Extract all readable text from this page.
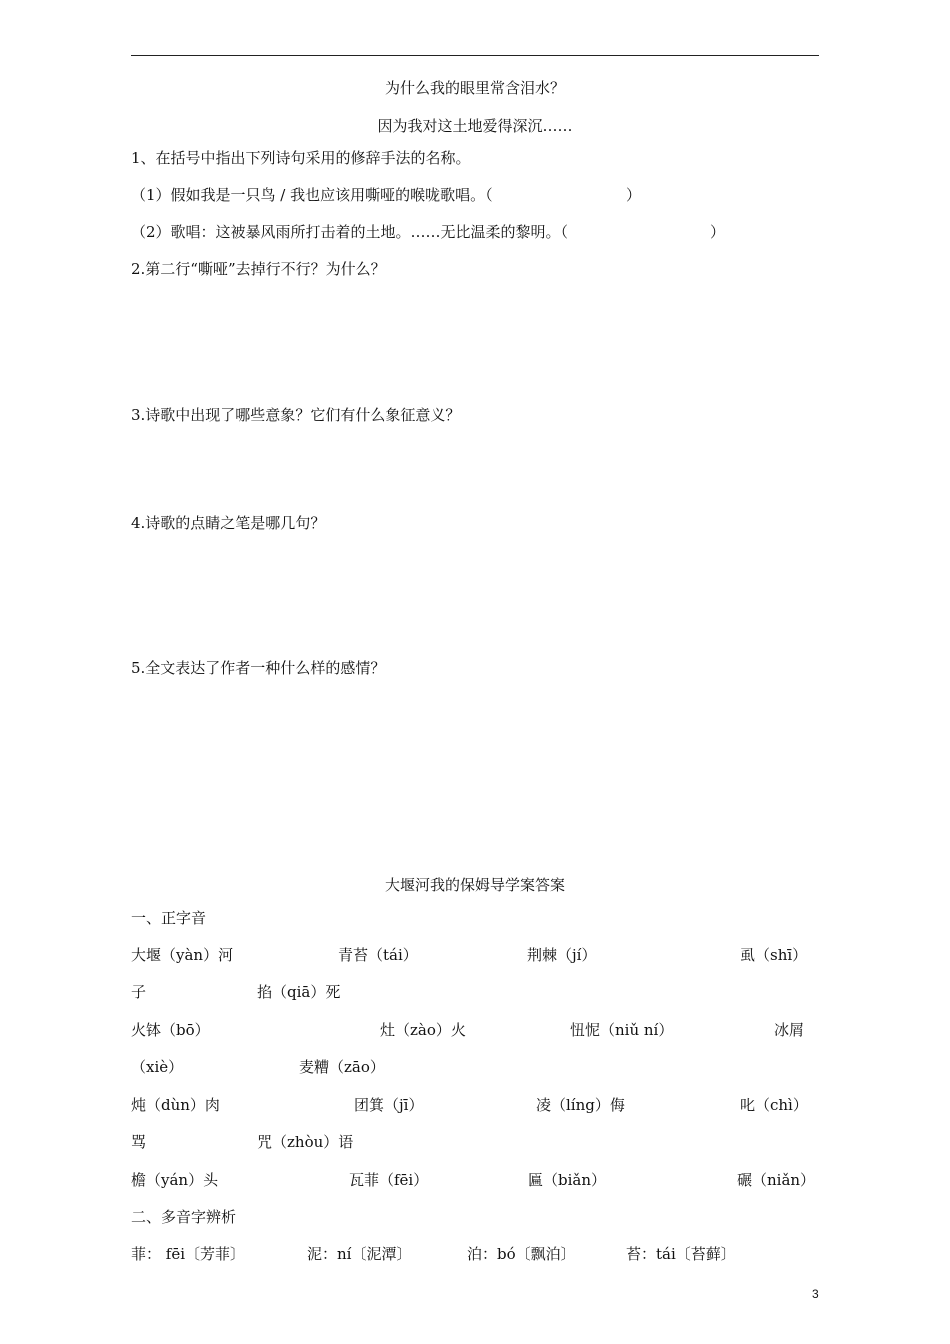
为什么我的眼里常含泪水？
因为我对这土地爱得深沉……
1、在括号中指出下列诗句采用的修辞手法的名称。
（1）假如我是一只鸟 / 我也应该用嘶哑的喉咙歌唱。（	）
（2）歌唱：这被暴风雨所打击着的土地。……无比温柔的黎明。（	）
2.第二行“嘶哑”去掉行不行？为什么？
3.诗歌中出现了哪些意象？它们有什么象征意义？
4.诗歌的点睛之笔是哪几句？
5.全文表达了作者一种什么样的感情？
大堰河我的保姆导学案答案
一、正字音
大堰（yàn）河	青苔（tái）	荆棘（jí）	虱（shī）
子	掐（qiā）死
火钵（bō）	灶（zào）火	忸怩（niǔ ní）	冰屑
（xiè）	麦糟（zāo）
炖（dùn）肉	团箕（jī）	凌（líng）侮	叱（chì）
骂	咒（zhòu）语
檐（yán）头	瓦菲（fēi）	匾（biǎn）	碾（niǎn）
二、多音字辨析
菲： fēi〔芳菲〕	泥：ní〔泥潭〕	泊：bó〔飘泊〕	苔：tái〔苔藓〕
3
